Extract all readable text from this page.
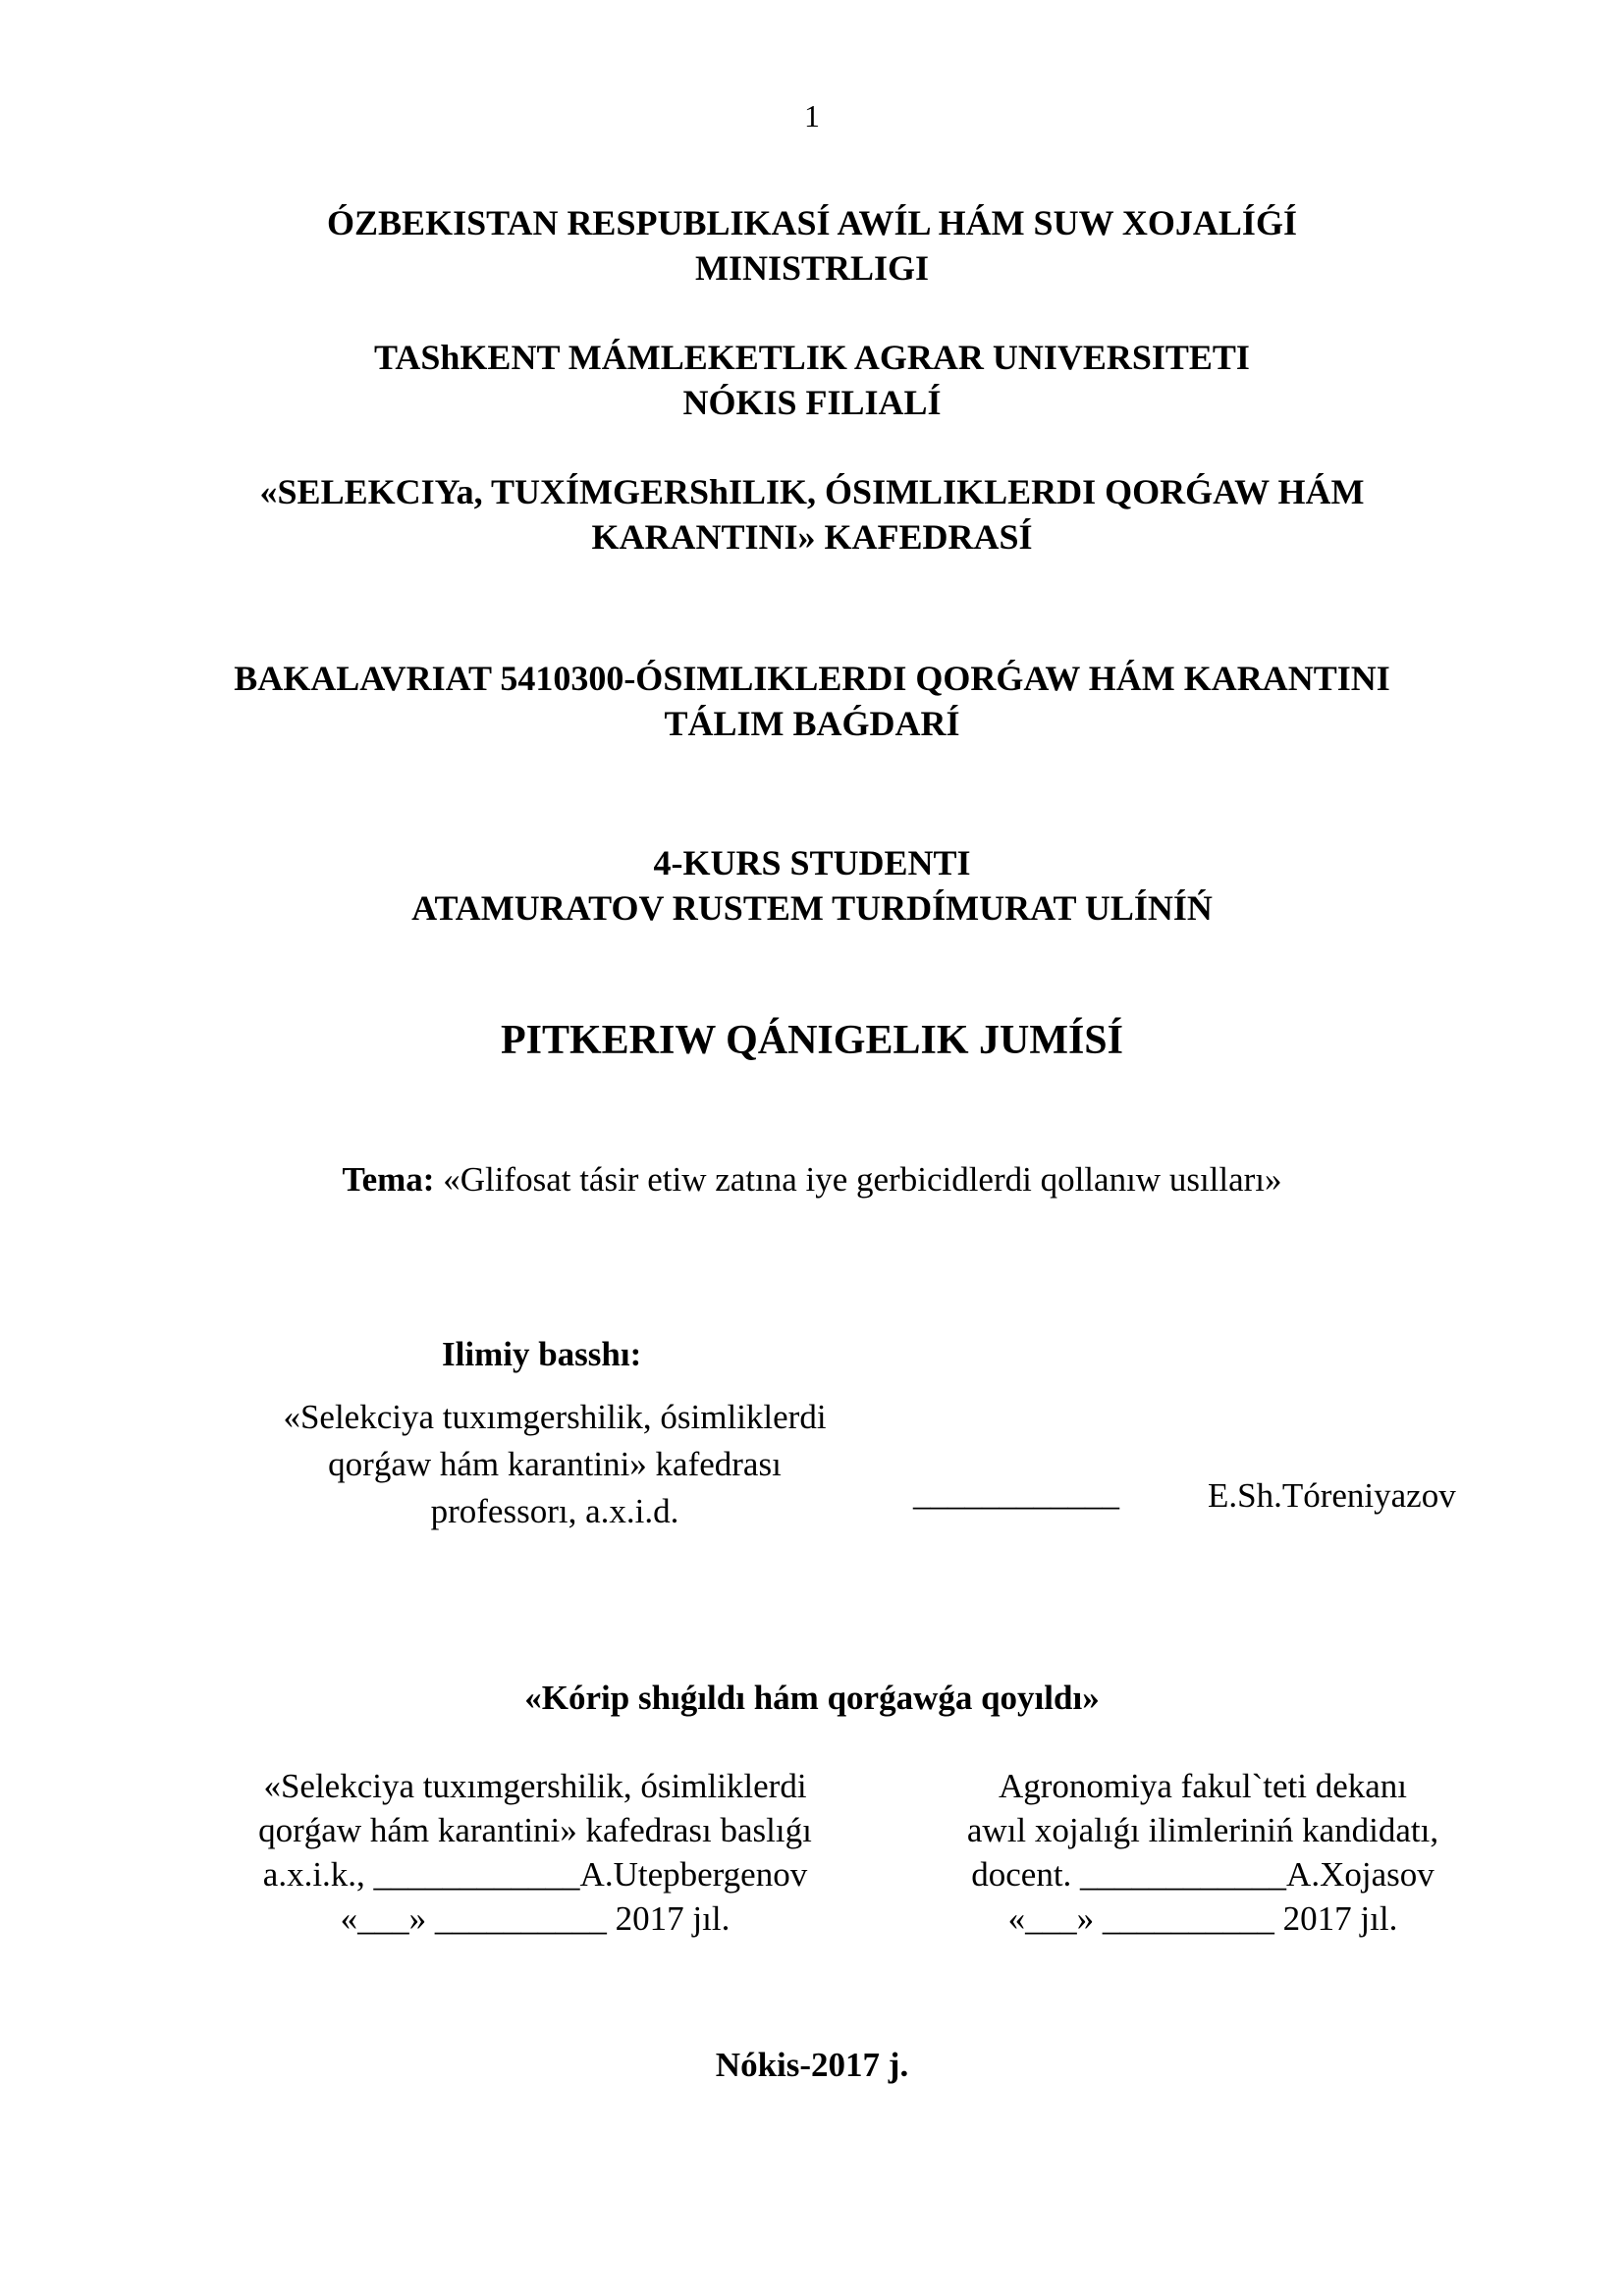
1

ÓZBEKISTAN RESPUBLIKASÍ AWÍL HÁM SUW XOJALÍǴÍ
MINISTRLIGI
TAShKENT MÁMLEKETLIK AGRAR UNIVERSITETI
NÓKIS FILIALÍ
«SELEKCIYa, TUXÍMGERShILIK, ÓSIMLIKLERDI QORǴAW HÁM
KARANTINI» KAFEDRASÍ
BAKALAVRIAT 5410300-ÓSIMLIKLERDI QORǴAW HÁM KARANTINI
TÁLIM BAǴDARÍ
4-KURS STUDENTI
ATAMURATOV RUSTEM TURDÍMURAT ULÍNÍŃ
PITKERIW QÁNIGELIK JUMÍSÍ

Tema: «Glifosat tásir etiw zatına iye gerbicidlerdi qollanıw usılları»

Ilimiy basshı:

«Selekciya tuxımgershilik, ósimliklerdi
qorǵaw hám karantini» kafedrası
professorı, a.x.i.d.	____________	E.Sh.Tóreniyazov

«Kórip shıǵıldı hám qorǵawǵa qoyıldı»

«Selekciya tuxımgershilik, ósimliklerdi
qorǵaw hám karantini» kafedrası baslıǵı
a.x.i.k., ____________A.Utepbergenov
«___» __________ 2017 jıl.
Agronomiya fakul`teti dekanı
awıl xojalıǵı ilimleriniń kandidatı,
docent. ____________A.Xojasov
«___» __________ 2017 jıl.

Nókis-2017 j.
